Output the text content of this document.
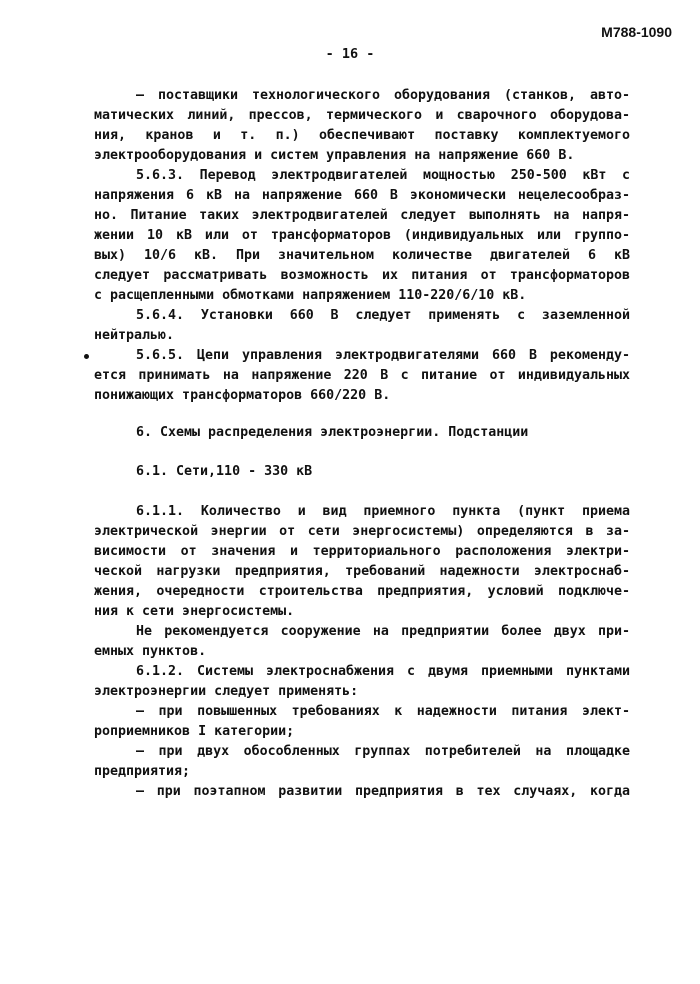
M788-1090
- 16 -
– поставщики технологического оборудования (станков, авто-
матических линий, прессов, термического и сварочного оборудова-
ния, кранов и т. п.) обеспечивают поставку комплектуемого
электрооборудования и систем управления на напряжение 660 В.
5.6.3. Перевод электродвигателей мощностью 250-500 кВт с
напряжения 6 кВ на напряжение 660 В экономически нецелесообраз-
но. Питание таких электродвигателей следует выполнять на напря-
жении 10 кВ или от трансформаторов (индивидуальных или группо-
вых) 10/6 кВ. При значительном количестве двигателей 6 кВ
следует рассматривать возможность их питания от трансформаторов
с расщепленными обмотками напряжением 110-220/6/10 кВ.
5.6.4. Установки 660 В следует применять с заземленной
нейтралью.
5.6.5. Цепи управления электродвигателями 660 В рекоменду-
ется принимать на напряжение 220 В с питание от индивидуальных
понижающих трансформаторов 660/220 В.
6. Схемы распределения электроэнергии. Подстанции
6.1. Сети,110 - 330 кВ
6.1.1. Количество и вид приемного пункта (пункт приема
электрической энергии от сети энергосистемы) определяются в за-
висимости от значения и территориального расположения электри-
ческой нагрузки предприятия, требований надежности электроснаб-
жения, очередности строительства предприятия, условий подключе-
ния к сети энергосистемы.
Не рекомендуется сооружение на предприятии более двух при-
емных пунктов.
6.1.2. Системы электроснабжения с двумя приемными пунктами
электроэнергии следует применять:
– при повышенных требованиях к надежности питания элект-
роприемников I категории;
– при двух обособленных группах потребителей на площадке
предприятия;
– при поэтапном развитии предприятия в тех случаях, когда
